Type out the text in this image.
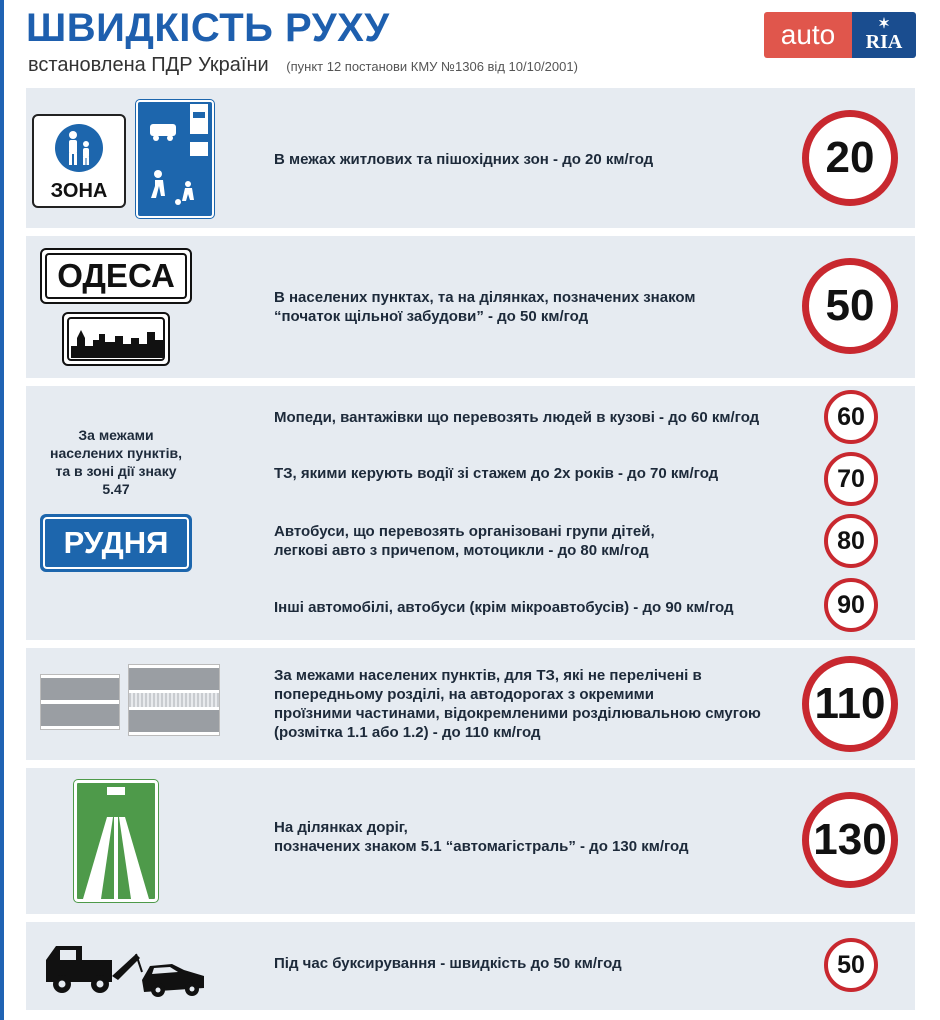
ШВИДКІСТЬ РУХУ
встановлена ПДР України (пункт 12 постанови КМУ №1306 від 10/10/2001)
auto	✶
RIA
ЗОНА
В межах житлових та пішохідних зон - до 20 км/год	20
ОДЕСА
В населених пунктах, та на ділянках, позначених знаком
“початок щільної забудови” - до 50 км/год	50
За межами
населених пунктів,
та в зоні дії знаку
5.47
РУДНЯ
Мопеди, вантажівки що перевозять людей в кузові - до 60 км/год	60
ТЗ, якими керують водії зі стажем до 2х років - до 70 км/год	70
Автобуси, що перевозять організовані групи дітей,
легкові авто з причепом, мотоцикли - до 80 км/год	80
Інші автомобілі, автобуси (крім мікроавтобусів) - до 90 км/год	90
За межами населених пунктів, для ТЗ, які не перелічені в
попередньому розділі, на автодорогах з окремими
проїзними частинами, відокремленими розділювальною смугою
(розмітка 1.1 або 1.2) - до 110 км/год
110
На ділянках доріг,
позначених знаком 5.1 “автомагістраль” - до 130 км/год	130
Під час буксирування - швидкість до 50 км/год	50
